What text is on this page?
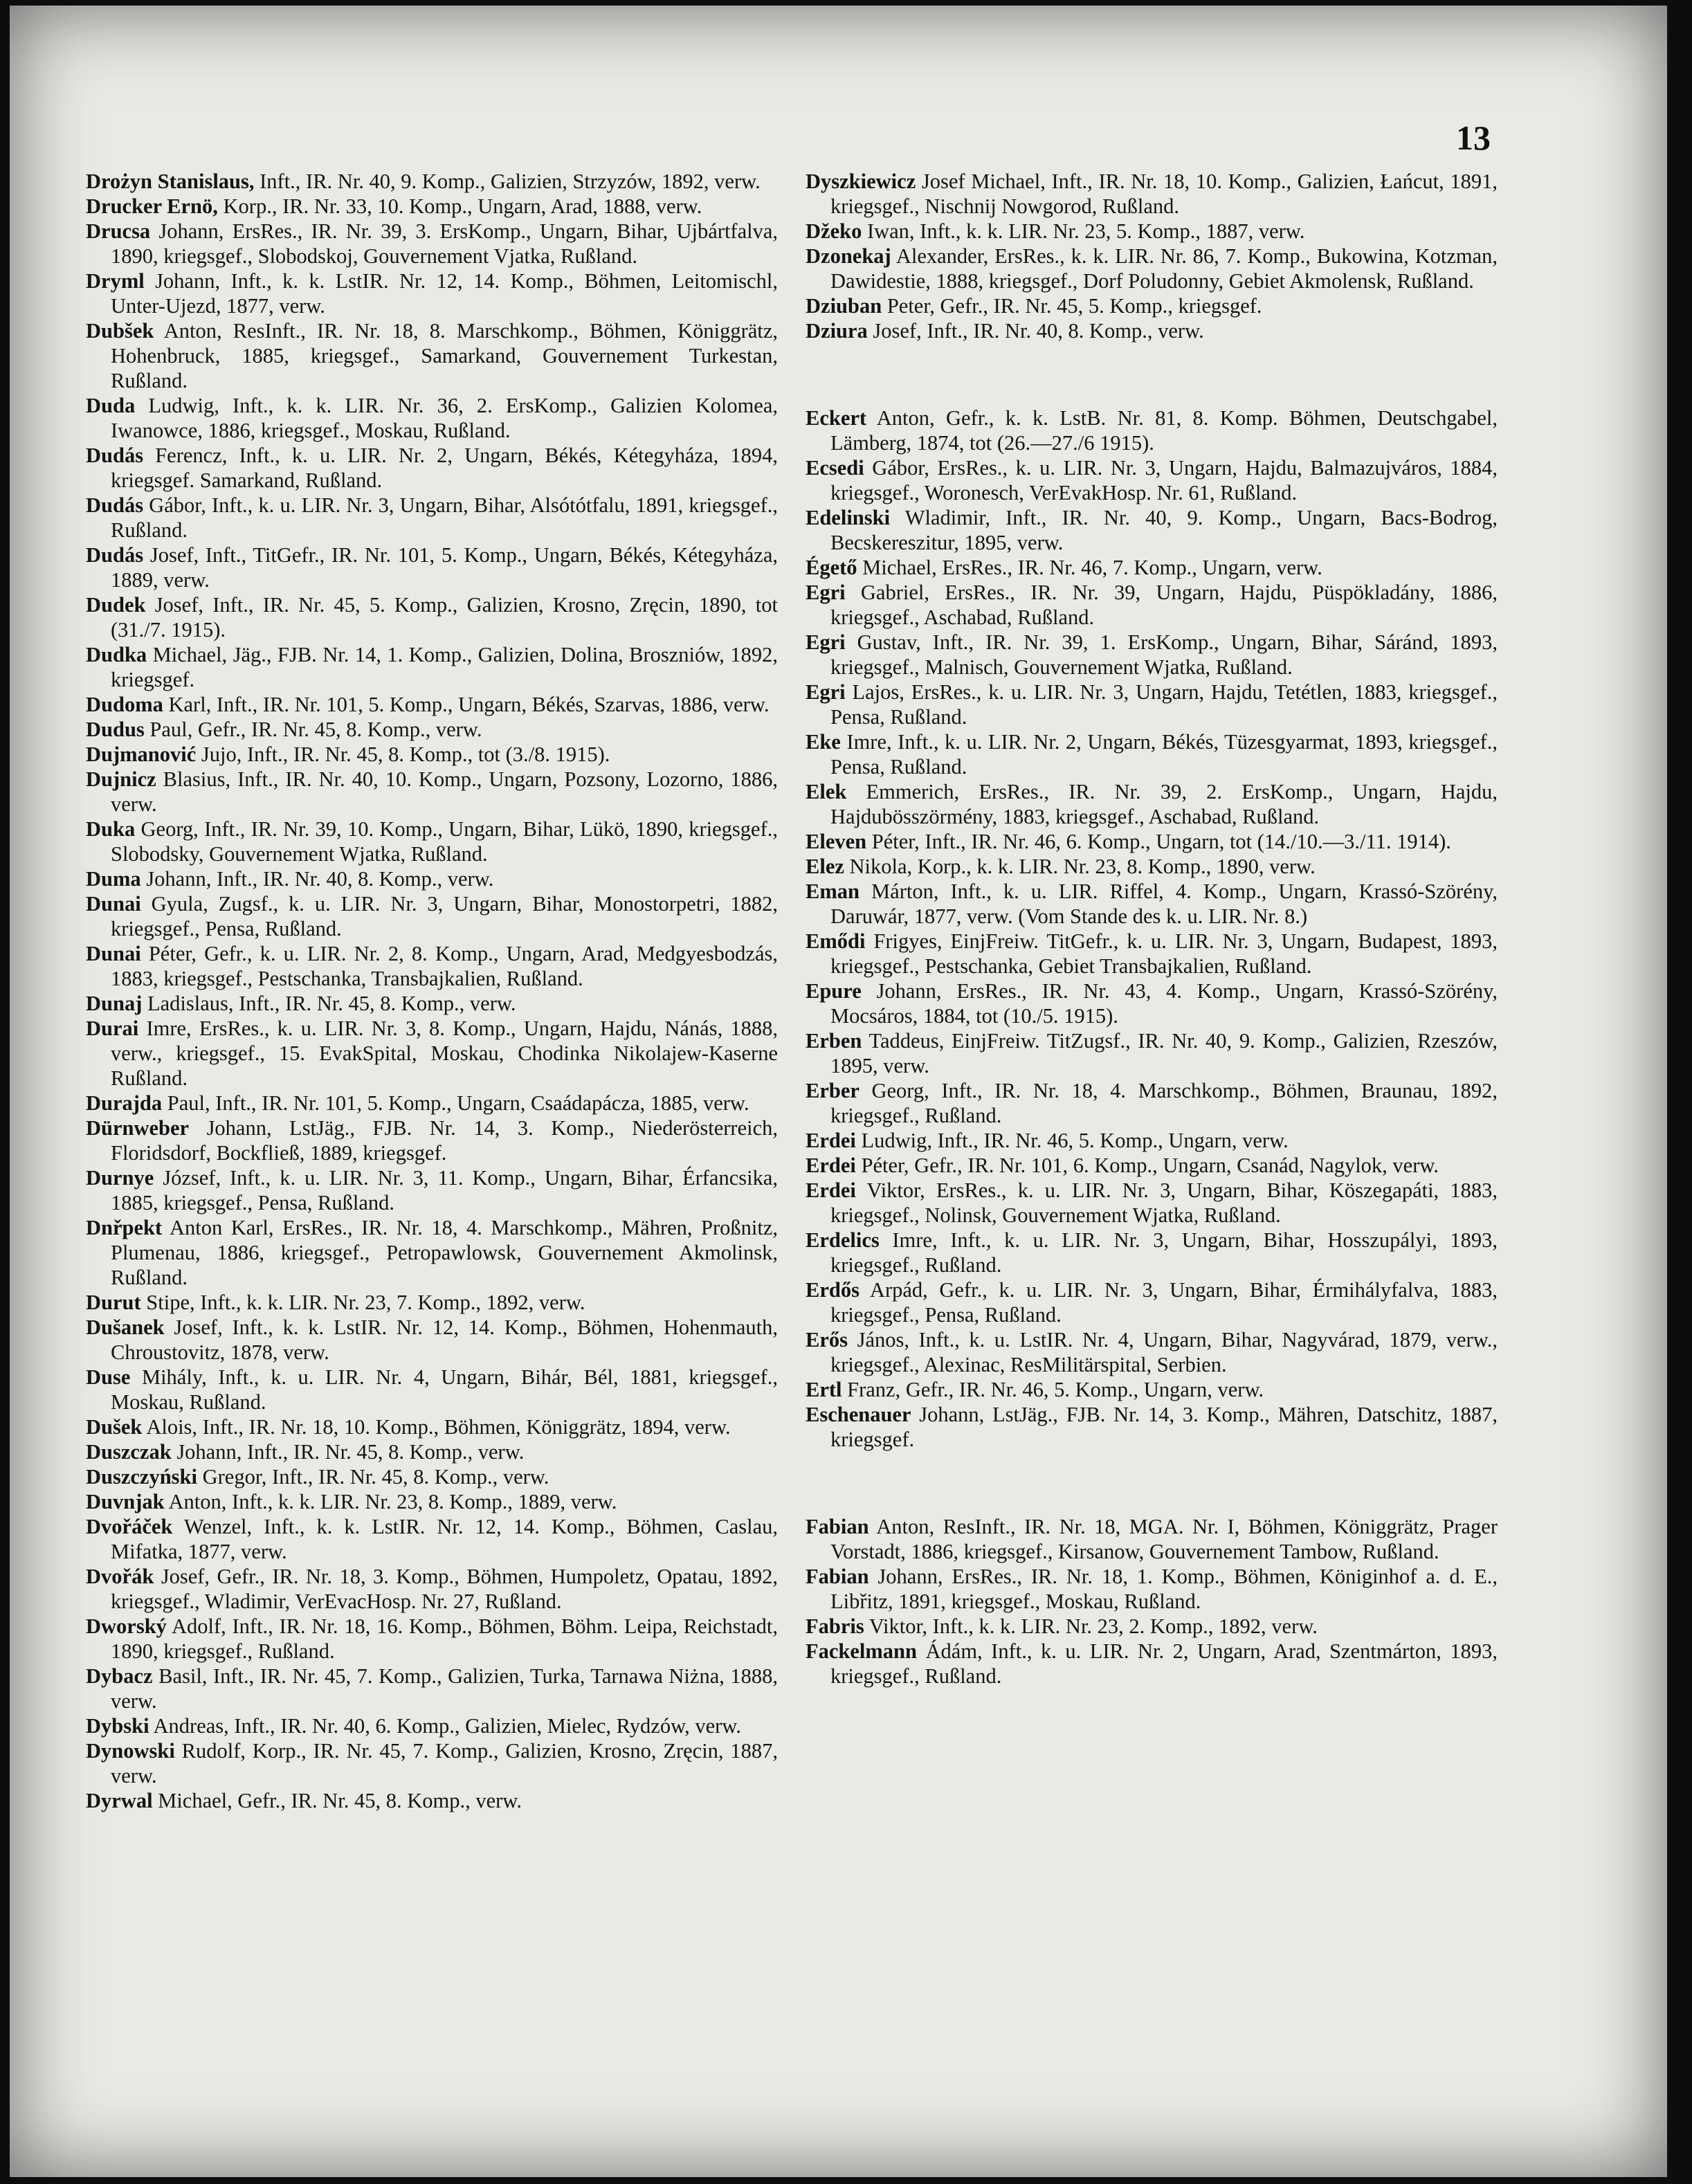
13

Drożyn Stanislaus, Inft., IR. Nr. 40, 9. Komp., Galizien, Strzyzów, 1892, verw.

Drucker Ernö, Korp., IR. Nr. 33, 10. Komp., Ungarn, Arad, 1888, verw.

Drucsa Johann, ErsRes., IR. Nr. 39, 3. ErsKomp., Ungarn, Bihar, Ujbártfalva, 1890, kriegsgef., Slobodskoj, Gouvernement Vjatka, Rußland.

Dryml Johann, Inft., k. k. LstIR. Nr. 12, 14. Komp., Böhmen, Leitomischl, Unter-Ujezd, 1877, verw.

Dubšek Anton, ResInft., IR. Nr. 18, 8. Marschkomp., Böhmen, Königgrätz, Hohenbruck, 1885, kriegsgef., Samarkand, Gouvernement Turkestan, Rußland.

Duda Ludwig, Inft., k. k. LIR. Nr. 36, 2. ErsKomp., Galizien Kolomea, Iwanowce, 1886, kriegsgef., Moskau, Rußland.

Dudás Ferencz, Inft., k. u. LIR. Nr. 2, Ungarn, Békés, Kétegyháza, 1894, kriegsgef. Samarkand, Rußland.

Dudás Gábor, Inft., k. u. LIR. Nr. 3, Ungarn, Bihar, Alsótótfalu, 1891, kriegsgef., Rußland.

Dudás Josef, Inft., TitGefr., IR. Nr. 101, 5. Komp., Ungarn, Békés, Kétegyháza, 1889, verw.

Dudek Josef, Inft., IR. Nr. 45, 5. Komp., Galizien, Krosno, Zręcin, 1890, tot (31./7. 1915).

Dudka Michael, Jäg., FJB. Nr. 14, 1. Komp., Galizien, Dolina, Broszniów, 1892, kriegsgef.

Dudoma Karl, Inft., IR. Nr. 101, 5. Komp., Ungarn, Békés, Szarvas, 1886, verw.

Dudus Paul, Gefr., IR. Nr. 45, 8. Komp., verw.

Dujmanović Jujo, Inft., IR. Nr. 45, 8. Komp., tot (3./8. 1915).

Dujnicz Blasius, Inft., IR. Nr. 40, 10. Komp., Ungarn, Pozsony, Lozorno, 1886, verw.

Duka Georg, Inft., IR. Nr. 39, 10. Komp., Ungarn, Bihar, Lükö, 1890, kriegsgef., Slobodsky, Gouvernement Wjatka, Rußland.

Duma Johann, Inft., IR. Nr. 40, 8. Komp., verw.

Dunai Gyula, Zugsf., k. u. LIR. Nr. 3, Ungarn, Bihar, Monostorpetri, 1882, kriegsgef., Pensa, Rußland.

Dunai Péter, Gefr., k. u. LIR. Nr. 2, 8. Komp., Ungarn, Arad, Medgyesbodzás, 1883, kriegsgef., Pestschanka, Transbajkalien, Rußland.

Dunaj Ladislaus, Inft., IR. Nr. 45, 8. Komp., verw.

Durai Imre, ErsRes., k. u. LIR. Nr. 3, 8. Komp., Ungarn, Hajdu, Nánás, 1888, verw., kriegsgef., 15. EvakSpital, Moskau, Chodinka Nikolajew-Kaserne Rußland.

Durajda Paul, Inft., IR. Nr. 101, 5. Komp., Ungarn, Csaádapácza, 1885, verw.

Dürnweber Johann, LstJäg., FJB. Nr. 14, 3. Komp., Niederösterreich, Floridsdorf, Bockfließ, 1889, kriegsgef.

Durnye József, Inft., k. u. LIR. Nr. 3, 11. Komp., Ungarn, Bihar, Érfancsika, 1885, kriegsgef., Pensa, Rußland.

Dnřpekt Anton Karl, ErsRes., IR. Nr. 18, 4. Marschkomp., Mähren, Proßnitz, Plumenau, 1886, kriegsgef., Petropawlowsk, Gouvernement Akmolinsk, Rußland.

Durut Stipe, Inft., k. k. LIR. Nr. 23, 7. Komp., 1892, verw.

Dušanek Josef, Inft., k. k. LstIR. Nr. 12, 14. Komp., Böhmen, Hohenmauth, Chroustovitz, 1878, verw.

Duse Mihály, Inft., k. u. LIR. Nr. 4, Ungarn, Bihár, Bél, 1881, kriegsgef., Moskau, Rußland.

Dušek Alois, Inft., IR. Nr. 18, 10. Komp., Böhmen, Königgrätz, 1894, verw.

Duszczak Johann, Inft., IR. Nr. 45, 8. Komp., verw.

Duszczyński Gregor, Inft., IR. Nr. 45, 8. Komp., verw.

Duvnjak Anton, Inft., k. k. LIR. Nr. 23, 8. Komp., 1889, verw.

Dvořáček Wenzel, Inft., k. k. LstIR. Nr. 12, 14. Komp., Böhmen, Caslau, Mifatka, 1877, verw.

Dvořák Josef, Gefr., IR. Nr. 18, 3. Komp., Böhmen, Humpoletz, Opatau, 1892, kriegsgef., Wladimir, VerEvacHosp. Nr. 27, Rußland.

Dworský Adolf, Inft., IR. Nr. 18, 16. Komp., Böhmen, Böhm. Leipa, Reichstadt, 1890, kriegsgef., Rußland.

Dybacz Basil, Inft., IR. Nr. 45, 7. Komp., Galizien, Turka, Tarnawa Niżna, 1888, verw.

Dybski Andreas, Inft., IR. Nr. 40, 6. Komp., Galizien, Mielec, Rydzów, verw.

Dynowski Rudolf, Korp., IR. Nr. 45, 7. Komp., Galizien, Krosno, Zręcin, 1887, verw.

Dyrwal Michael, Gefr., IR. Nr. 45, 8. Komp., verw.

Dyszkiewicz Josef Michael, Inft., IR. Nr. 18, 10. Komp., Galizien, Łańcut, 1891, kriegsgef., Nischnij Nowgorod, Rußland.

Džeko Iwan, Inft., k. k. LIR. Nr. 23, 5. Komp., 1887, verw.

Dzonekaj Alexander, ErsRes., k. k. LIR. Nr. 86, 7. Komp., Bukowina, Kotzman, Dawidestie, 1888, kriegsgef., Dorf Poludonny, Gebiet Akmolensk, Rußland.

Dziuban Peter, Gefr., IR. Nr. 45, 5. Komp., kriegsgef.

Dziura Josef, Inft., IR. Nr. 40, 8. Komp., verw.

Eckert Anton, Gefr., k. k. LstB. Nr. 81, 8. Komp. Böhmen, Deutschgabel, Lämberg, 1874, tot (26.—27./6 1915).

Ecsedi Gábor, ErsRes., k. u. LIR. Nr. 3, Ungarn, Hajdu, Balmazujváros, 1884, kriegsgef., Woronesch, VerEvakHosp. Nr. 61, Rußland.

Edelinski Wladimir, Inft., IR. Nr. 40, 9. Komp., Ungarn, Bacs-Bodrog, Becskereszitur, 1895, verw.

Égető Michael, ErsRes., IR. Nr. 46, 7. Komp., Ungarn, verw.

Egri Gabriel, ErsRes., IR. Nr. 39, Ungarn, Hajdu, Püspökladány, 1886, kriegsgef., Aschabad, Rußland.

Egri Gustav, Inft., IR. Nr. 39, 1. ErsKomp., Ungarn, Bihar, Sáránd, 1893, kriegsgef., Malnisch, Gouvernement Wjatka, Rußland.

Egri Lajos, ErsRes., k. u. LIR. Nr. 3, Ungarn, Hajdu, Tetétlen, 1883, kriegsgef., Pensa, Rußland.

Eke Imre, Inft., k. u. LIR. Nr. 2, Ungarn, Békés, Tüzesgyarmat, 1893, kriegsgef., Pensa, Rußland.

Elek Emmerich, ErsRes., IR. Nr. 39, 2. ErsKomp., Ungarn, Hajdu, Hajdubösszörmény, 1883, kriegsgef., Aschabad, Rußland.

Eleven Péter, Inft., IR. Nr. 46, 6. Komp., Ungarn, tot (14./10.—3./11. 1914).

Elez Nikola, Korp., k. k. LIR. Nr. 23, 8. Komp., 1890, verw.

Eman Márton, Inft., k. u. LIR. Riffel, 4. Komp., Ungarn, Krassó-Szörény, Daruwár, 1877, verw. (Vom Stande des k. u. LIR. Nr. 8.)

Emődi Frigyes, EinjFreiw. TitGefr., k. u. LIR. Nr. 3, Ungarn, Budapest, 1893, kriegsgef., Pestschanka, Gebiet Transbajkalien, Rußland.

Epure Johann, ErsRes., IR. Nr. 43, 4. Komp., Ungarn, Krassó-Szörény, Mocsáros, 1884, tot (10./5. 1915).

Erben Taddeus, EinjFreiw. TitZugsf., IR. Nr. 40, 9. Komp., Galizien, Rzeszów, 1895, verw.

Erber Georg, Inft., IR. Nr. 18, 4. Marschkomp., Böhmen, Braunau, 1892, kriegsgef., Rußland.

Erdei Ludwig, Inft., IR. Nr. 46, 5. Komp., Ungarn, verw.

Erdei Péter, Gefr., IR. Nr. 101, 6. Komp., Ungarn, Csanád, Nagylok, verw.

Erdei Viktor, ErsRes., k. u. LIR. Nr. 3, Ungarn, Bihar, Köszegapáti, 1883, kriegsgef., Nolinsk, Gouvernement Wjatka, Rußland.

Erdelics Imre, Inft., k. u. LIR. Nr. 3, Ungarn, Bihar, Hosszupályi, 1893, kriegsgef., Rußland.

Erdős Arpád, Gefr., k. u. LIR. Nr. 3, Ungarn, Bihar, Érmihályfalva, 1883, kriegsgef., Pensa, Rußland.

Erős János, Inft., k. u. LstIR. Nr. 4, Ungarn, Bihar, Nagyvárad, 1879, verw., kriegsgef., Alexinac, ResMilitärspital, Serbien.

Ertl Franz, Gefr., IR. Nr. 46, 5. Komp., Ungarn, verw.

Eschenauer Johann, LstJäg., FJB. Nr. 14, 3. Komp., Mähren, Datschitz, 1887, kriegsgef.

Fabian Anton, ResInft., IR. Nr. 18, MGA. Nr. I, Böhmen, Königgrätz, Prager Vorstadt, 1886, kriegsgef., Kirsanow, Gouvernement Tambow, Rußland.

Fabian Johann, ErsRes., IR. Nr. 18, 1. Komp., Böhmen, Königinhof a. d. E., Libřitz, 1891, kriegsgef., Moskau, Rußland.

Fabris Viktor, Inft., k. k. LIR. Nr. 23, 2. Komp., 1892, verw.

Fackelmann Ádám, Inft., k. u. LIR. Nr. 2, Ungarn, Arad, Szentmárton, 1893, kriegsgef., Rußland.
